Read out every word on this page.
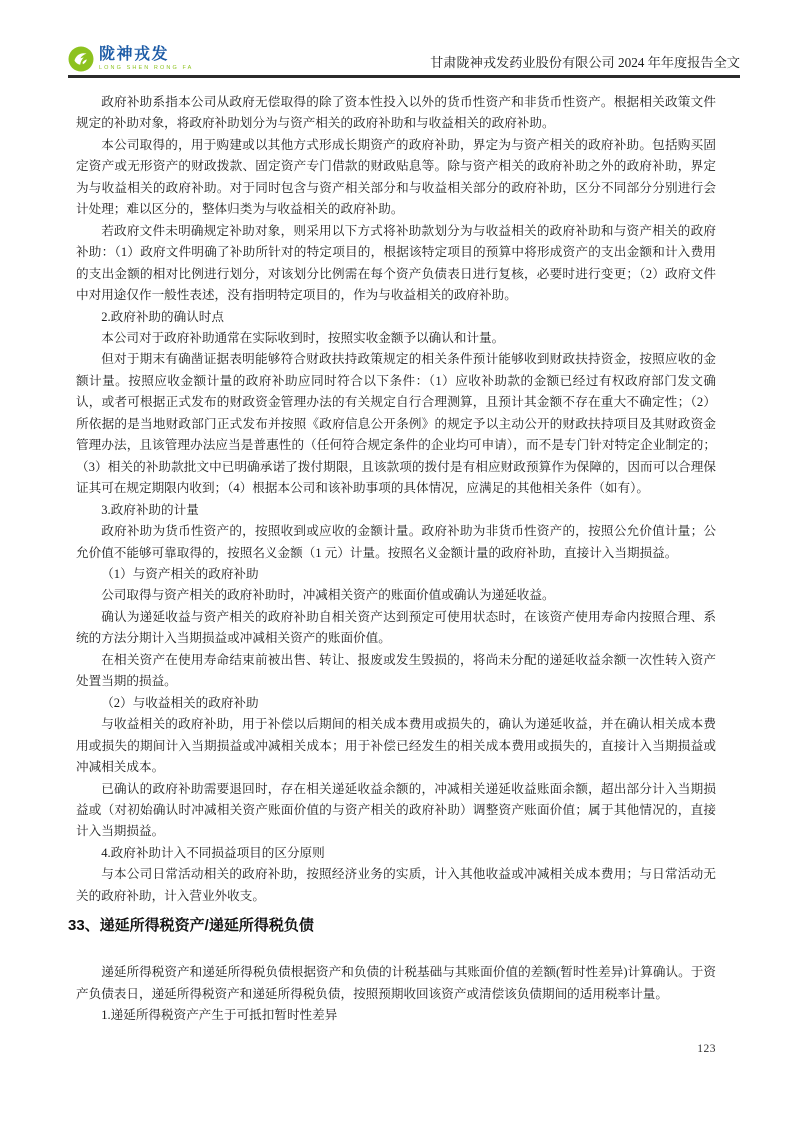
陇神戎发
LONG SHEN RONG FA	甘肃陇神戎发药业股份有限公司 2024 年年度报告全文

政府补助系指本公司从政府无偿取得的除了资本性投入以外的货币性资产和非货币性资产。根据相关政策文件规定的补助对象，将政府补助划分为与资产相关的政府补助和与收益相关的政府补助。

本公司取得的，用于购建或以其他方式形成长期资产的政府补助，界定为与资产相关的政府补助。包括购买固定资产或无形资产的财政拨款、固定资产专门借款的财政贴息等。除与资产相关的政府补助之外的政府补助，界定为与收益相关的政府补助。对于同时包含与资产相关部分和与收益相关部分的政府补助，区分不同部分分别进行会计处理；难以区分的，整体归类为与收益相关的政府补助。

若政府文件未明确规定补助对象，则采用以下方式将补助款划分为与收益相关的政府补助和与资产相关的政府补助：（1）政府文件明确了补助所针对的特定项目的，根据该特定项目的预算中将形成资产的支出金额和计入费用的支出金额的相对比例进行划分，对该划分比例需在每个资产负债表日进行复核，必要时进行变更；（2）政府文件中对用途仅作一般性表述，没有指明特定项目的，作为与收益相关的政府补助。

2.政府补助的确认时点

本公司对于政府补助通常在实际收到时，按照实收金额予以确认和计量。

但对于期末有确凿证据表明能够符合财政扶持政策规定的相关条件预计能够收到财政扶持资金，按照应收的金额计量。按照应收金额计量的政府补助应同时符合以下条件：（1）应收补助款的金额已经过有权政府部门发文确认，或者可根据正式发布的财政资金管理办法的有关规定自行合理测算，且预计其金额不存在重大不确定性；（2）所依据的是当地财政部门正式发布并按照《政府信息公开条例》的规定予以主动公开的财政扶持项目及其财政资金管理办法，且该管理办法应当是普惠性的（任何符合规定条件的企业均可申请），而不是专门针对特定企业制定的；（3）相关的补助款批文中已明确承诺了拨付期限，且该款项的拨付是有相应财政预算作为保障的，因而可以合理保证其可在规定期限内收到；（4）根据本公司和该补助事项的具体情况，应满足的其他相关条件（如有）。

3.政府补助的计量

政府补助为货币性资产的，按照收到或应收的金额计量。政府补助为非货币性资产的，按照公允价值计量；公允价值不能够可靠取得的，按照名义金额（1 元）计量。按照名义金额计量的政府补助，直接计入当期损益。

（1）与资产相关的政府补助

公司取得与资产相关的政府补助时，冲减相关资产的账面价值或确认为递延收益。

确认为递延收益与资产相关的政府补助自相关资产达到预定可使用状态时，在该资产使用寿命内按照合理、系统的方法分期计入当期损益或冲减相关资产的账面价值。

在相关资产在使用寿命结束前被出售、转让、报废或发生毁损的，将尚未分配的递延收益余额一次性转入资产处置当期的损益。

（2）与收益相关的政府补助

与收益相关的政府补助，用于补偿以后期间的相关成本费用或损失的，确认为递延收益，并在确认相关成本费用或损失的期间计入当期损益或冲减相关成本；用于补偿已经发生的相关成本费用或损失的，直接计入当期损益或冲减相关成本。

已确认的政府补助需要退回时，存在相关递延收益余额的，冲减相关递延收益账面余额，超出部分计入当期损益或（对初始确认时冲减相关资产账面价值的与资产相关的政府补助）调整资产账面价值；属于其他情况的，直接计入当期损益。

4.政府补助计入不同损益项目的区分原则

与本公司日常活动相关的政府补助，按照经济业务的实质，计入其他收益或冲减相关成本费用；与日常活动无关的政府补助，计入营业外收支。

33、递延所得税资产/递延所得税负债

递延所得税资产和递延所得税负债根据资产和负债的计税基础与其账面价值的差额(暂时性差异)计算确认。于资产负债表日，递延所得税资产和递延所得税负债，按照预期收回该资产或清偿该负债期间的适用税率计量。

1.递延所得税资产产生于可抵扣暂时性差异

123
